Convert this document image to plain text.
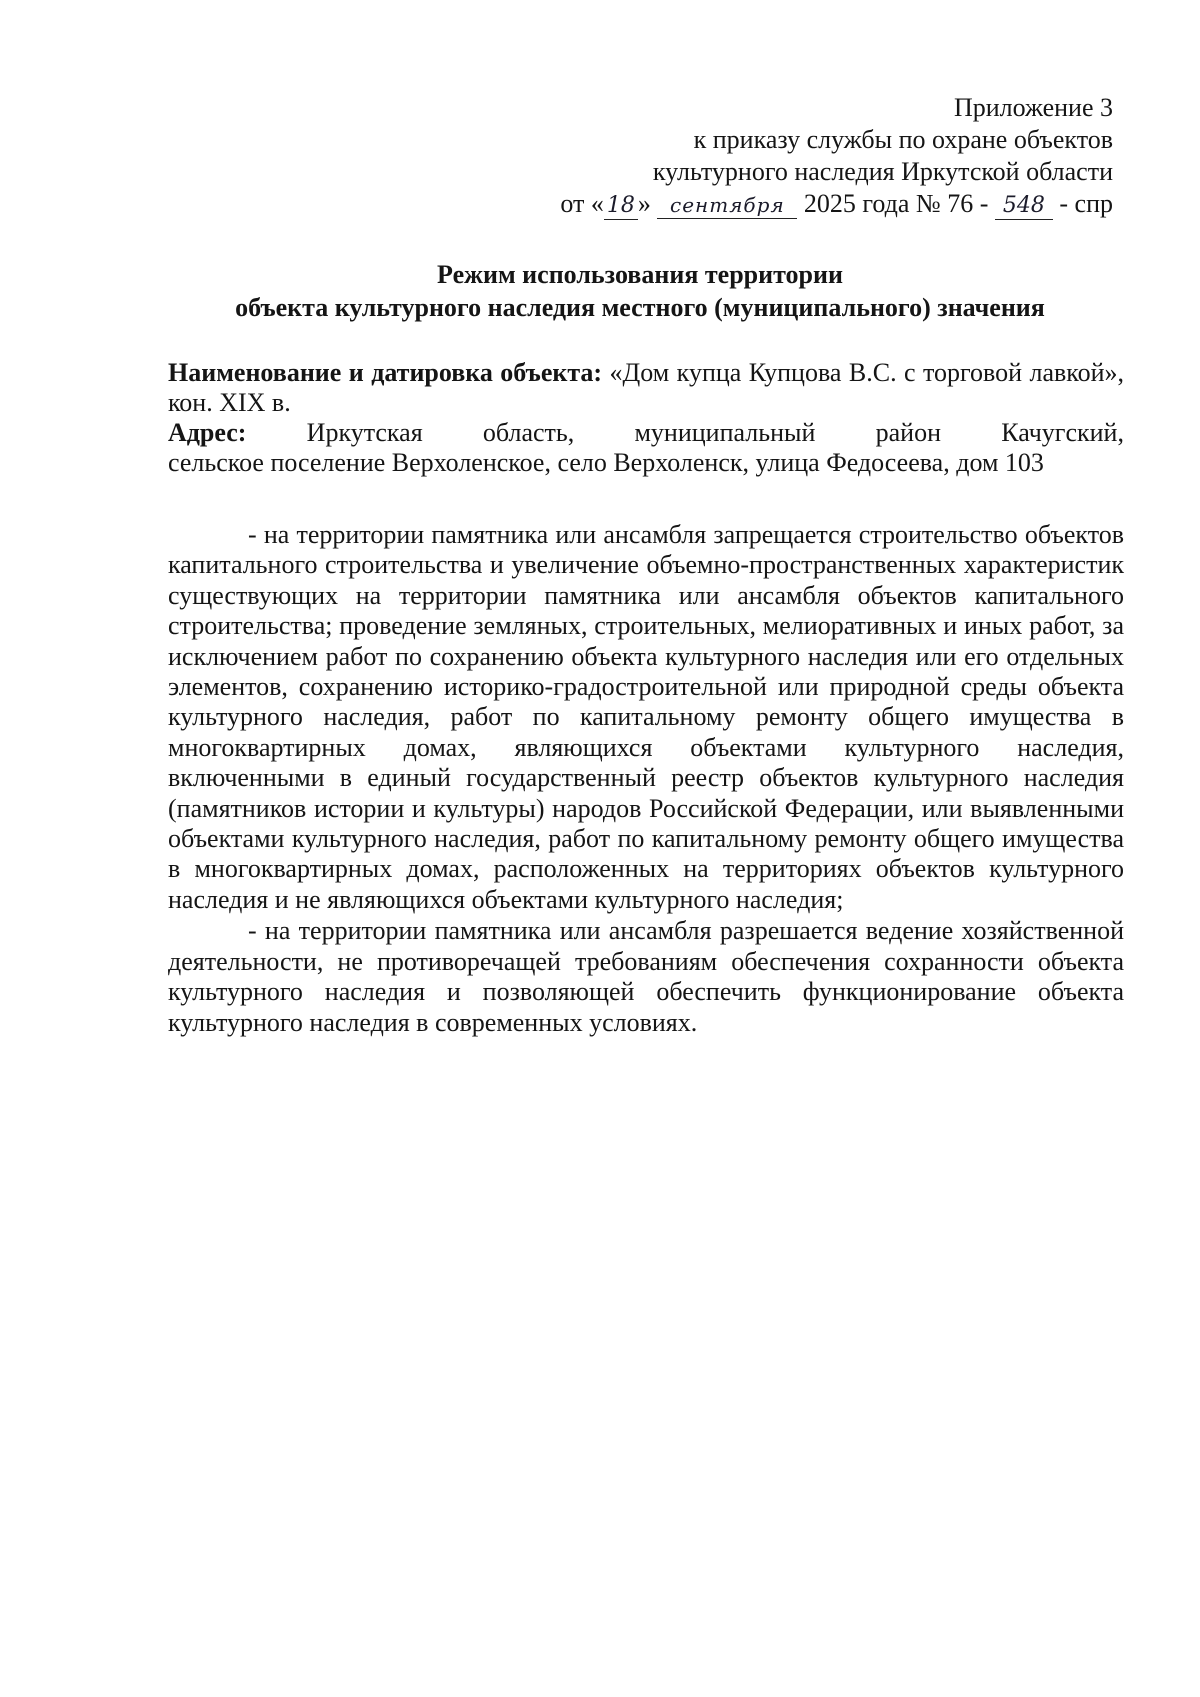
Приложение 3
к приказу службы по охране объектов
культурного наследия Иркутской области
от « 18 » сентября 2025 года № 76 - 548 - спр
Режим использования территории
объекта культурного наследия местного (муниципального) значения
Наименование и датировка объекта: «Дом купца Купцова В.С. с торговой лавкой», кон. XIX в.
Адрес: Иркутская область, муниципальный район Качугский,
сельское поселение Верхоленское, село Верхоленск, улица Федосеева, дом 103

- на территории памятника или ансамбля запрещается строительство объектов капитального строительства и увеличение объемно-пространственных характеристик существующих на территории памятника или ансамбля объектов капитального строительства; проведение земляных, строительных, мелиоративных и иных работ, за исключением работ по сохранению объекта культурного наследия или его отдельных элементов, сохранению историко-градостроительной или природной среды объекта культурного наследия, работ по капитальному ремонту общего имущества в многоквартирных домах, являющихся объектами культурного наследия, включенными в единый государственный реестр объектов культурного наследия (памятников истории и культуры) народов Российской Федерации, или выявленными объектами культурного наследия, работ по капитальному ремонту общего имущества в многоквартирных домах, расположенных на территориях объектов культурного наследия и не являющихся объектами культурного наследия;

- на территории памятника или ансамбля разрешается ведение хозяйственной деятельности, не противоречащей требованиям обеспечения сохранности объекта культурного наследия и позволяющей обеспечить функционирование объекта культурного наследия в современных условиях.
